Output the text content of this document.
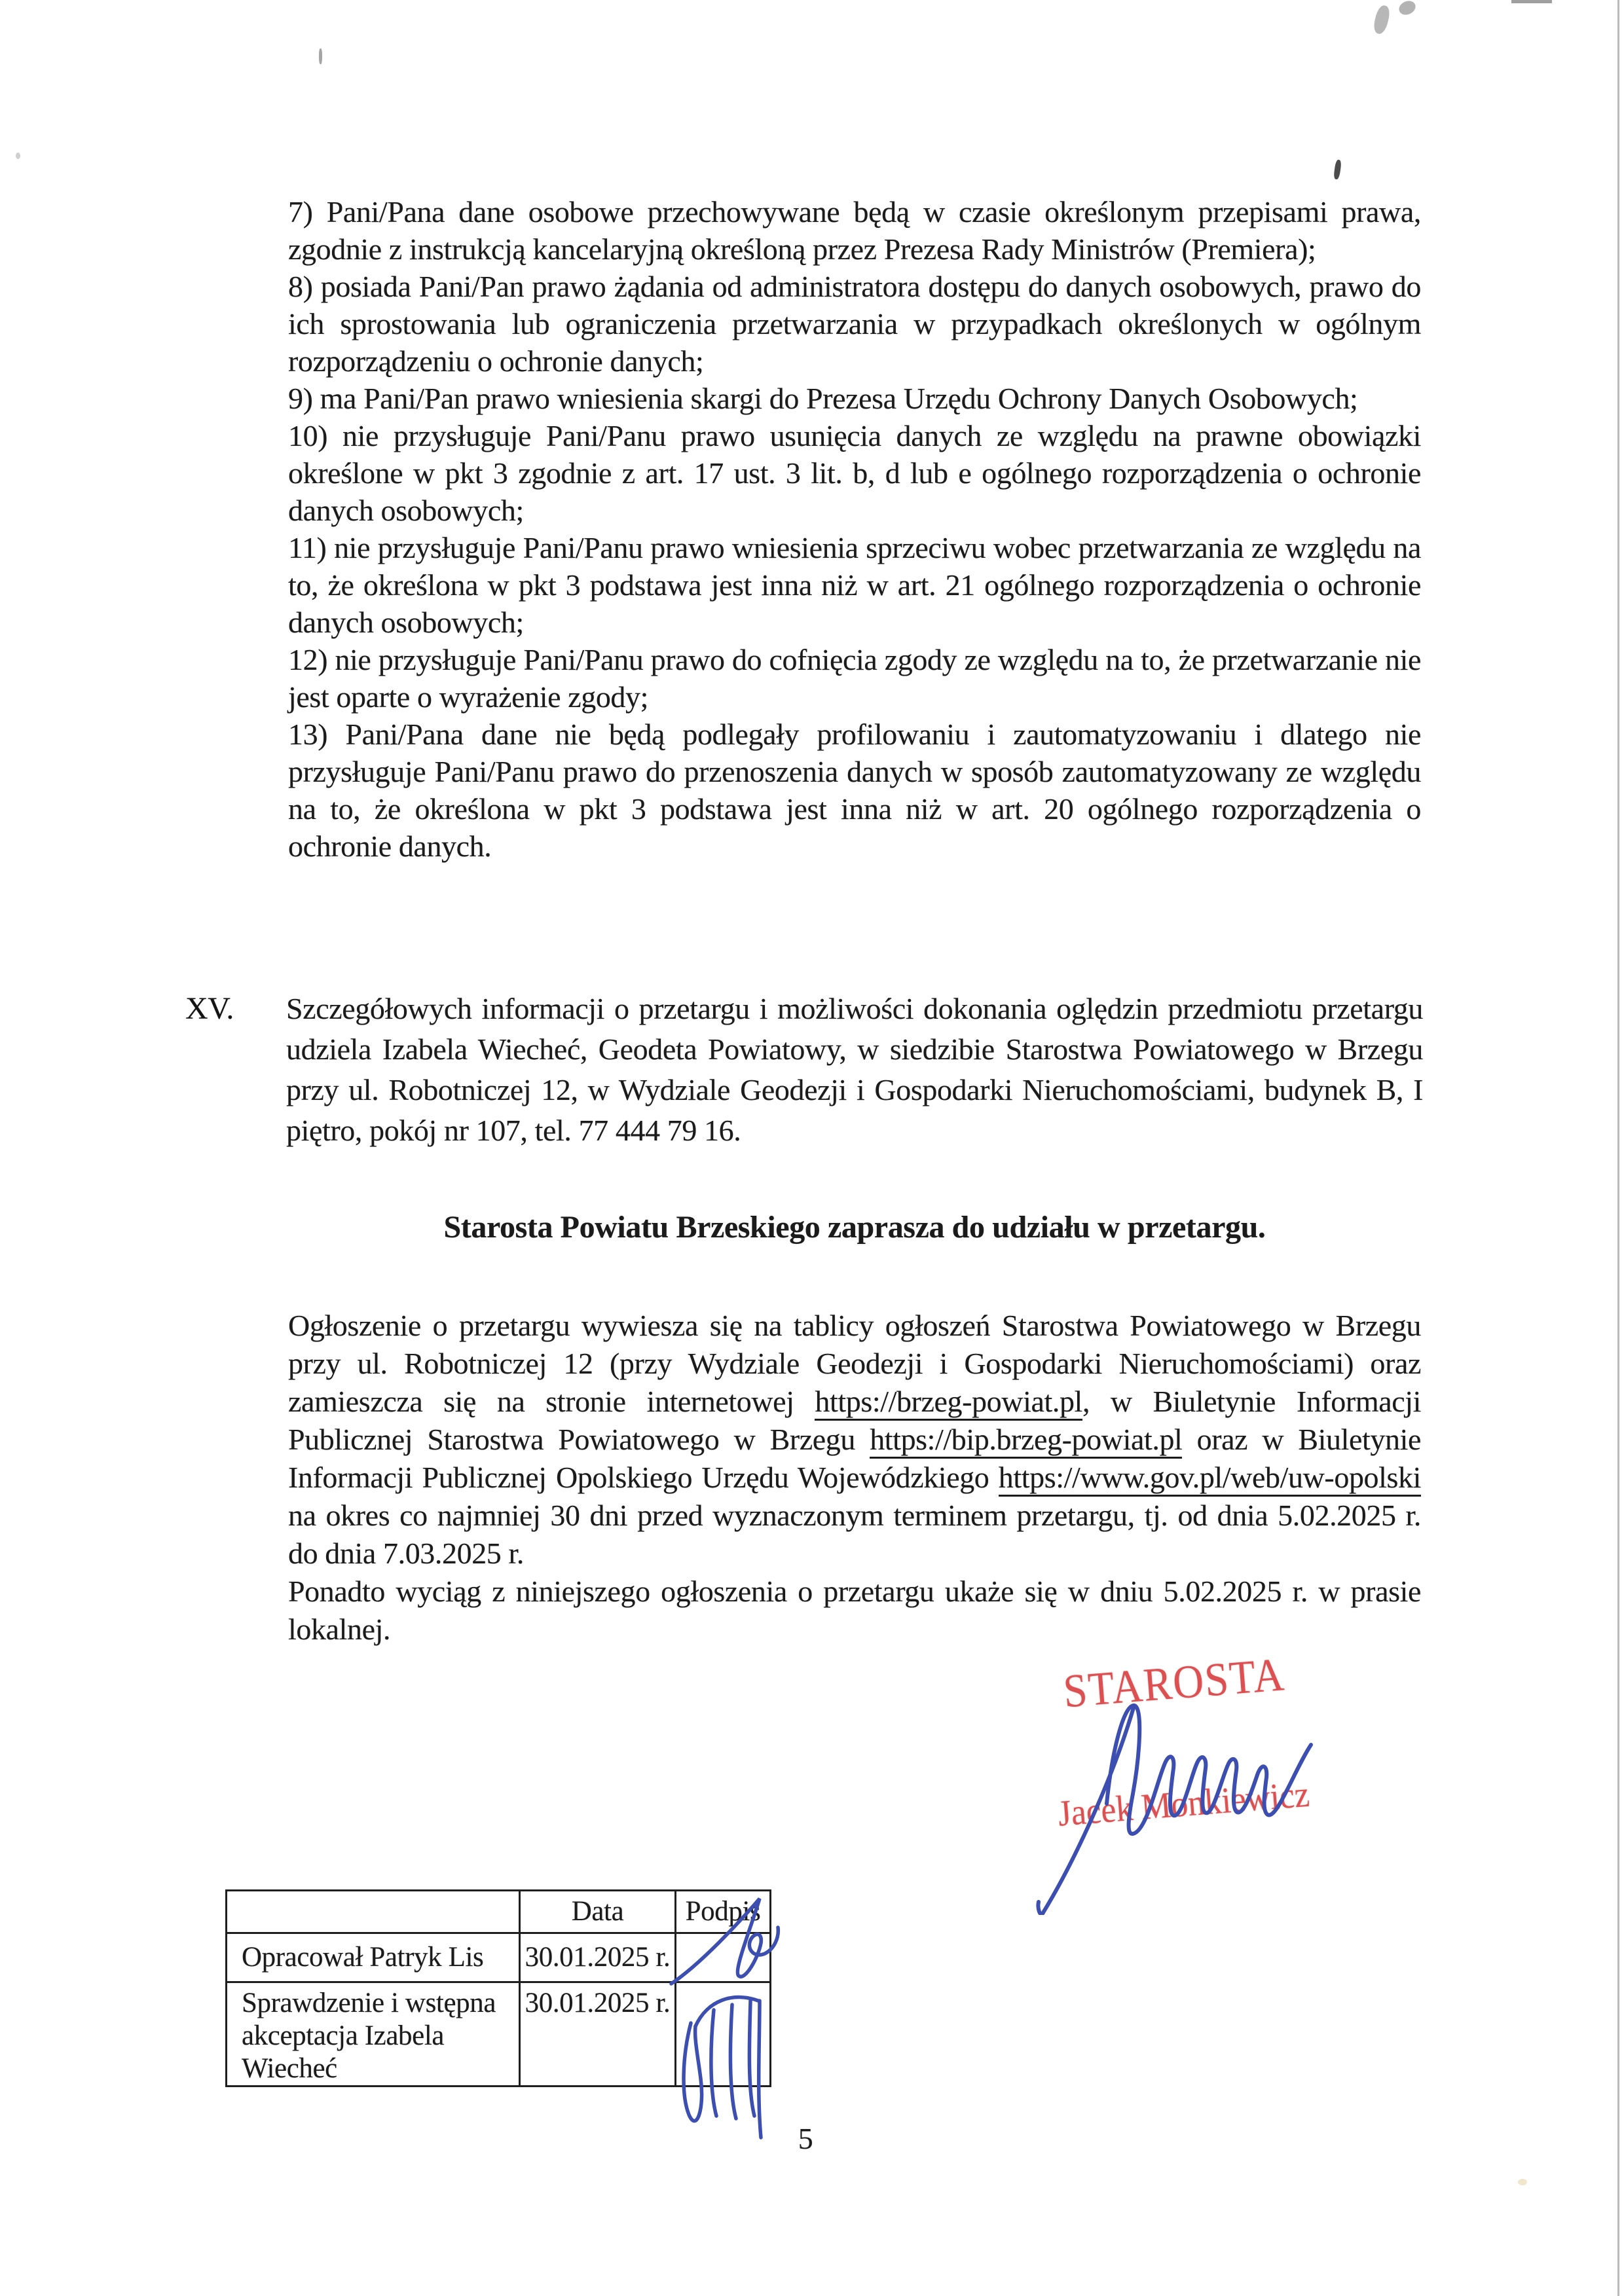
7) Pani/Pana dane osobowe przechowywane będą w czasie określonym przepisami prawa, zgodnie z instrukcją kancelaryjną określoną przez Prezesa Rady Ministrów (Premiera);

8) posiada Pani/Pan prawo żądania od administratora dostępu do danych osobowych, prawo do ich sprostowania lub ograniczenia przetwarzania w przypadkach określonych w ogólnym rozporządzeniu o ochronie danych;

9) ma Pani/Pan prawo wniesienia skargi do Prezesa Urzędu Ochrony Danych Osobowych;

10) nie przysługuje Pani/Panu prawo usunięcia danych ze względu na prawne obowiązki określone w pkt 3 zgodnie z art. 17 ust. 3 lit. b, d lub e ogólnego rozporządzenia o ochronie danych osobowych;

11) nie przysługuje Pani/Panu prawo wniesienia sprzeciwu wobec przetwarzania ze względu na to, że określona w pkt 3 podstawa jest inna niż w art. 21 ogólnego rozporządzenia o ochronie danych osobowych;

12) nie przysługuje Pani/Panu prawo do cofnięcia zgody ze względu na to, że przetwarzanie nie jest oparte o wyrażenie zgody;

13) Pani/Pana dane nie będą podlegały profilowaniu i zautomatyzowaniu i dlatego nie przysługuje Pani/Panu prawo do przenoszenia danych w sposób zautomatyzowany ze względu na to, że określona w pkt 3 podstawa jest inna niż w art. 20 ogólnego rozporządzenia o ochronie danych.

XV. Szczegółowych informacji o przetargu i możliwości dokonania oględzin przedmiotu przetargu udziela Izabela Wiecheć, Geodeta Powiatowy, w siedzibie Starostwa Powiatowego w Brzegu przy ul. Robotniczej 12, w Wydziale Geodezji i Gospodarki Nieruchomościami, budynek B, I piętro, pokój nr 107, tel. 77 444 79 16.
Starosta Powiatu Brzeskiego zaprasza do udziału w przetargu.

Ogłoszenie o przetargu wywiesza się na tablicy ogłoszeń Starostwa Powiatowego w Brzegu przy ul. Robotniczej 12 (przy Wydziale Geodezji i Gospodarki Nieruchomościami) oraz zamieszcza się na stronie internetowej https://brzeg-powiat.pl, w Biuletynie Informacji Publicznej Starostwa Powiatowego w Brzegu https://bip.brzeg-powiat.pl oraz w Biuletynie Informacji Publicznej Opolskiego Urzędu Wojewódzkiego https://www.gov.pl/web/uw-opolski na okres co najmniej 30 dni przed wyznaczonym terminem przetargu, tj. od dnia 5.02.2025 r. do dnia 7.03.2025 r.

Ponadto wyciąg z niniejszego ogłoszenia o przetargu ukaże się w dniu 5.02.2025 r. w prasie lokalnej.

STAROSTA
Jacek Monkiewicz
	Data	Podpis
Opracował Patryk Lis	30.01.2025 r.	
Sprawdzenie i wstępna akceptacja Izabela Wiecheć	30.01.2025 r.	
5
